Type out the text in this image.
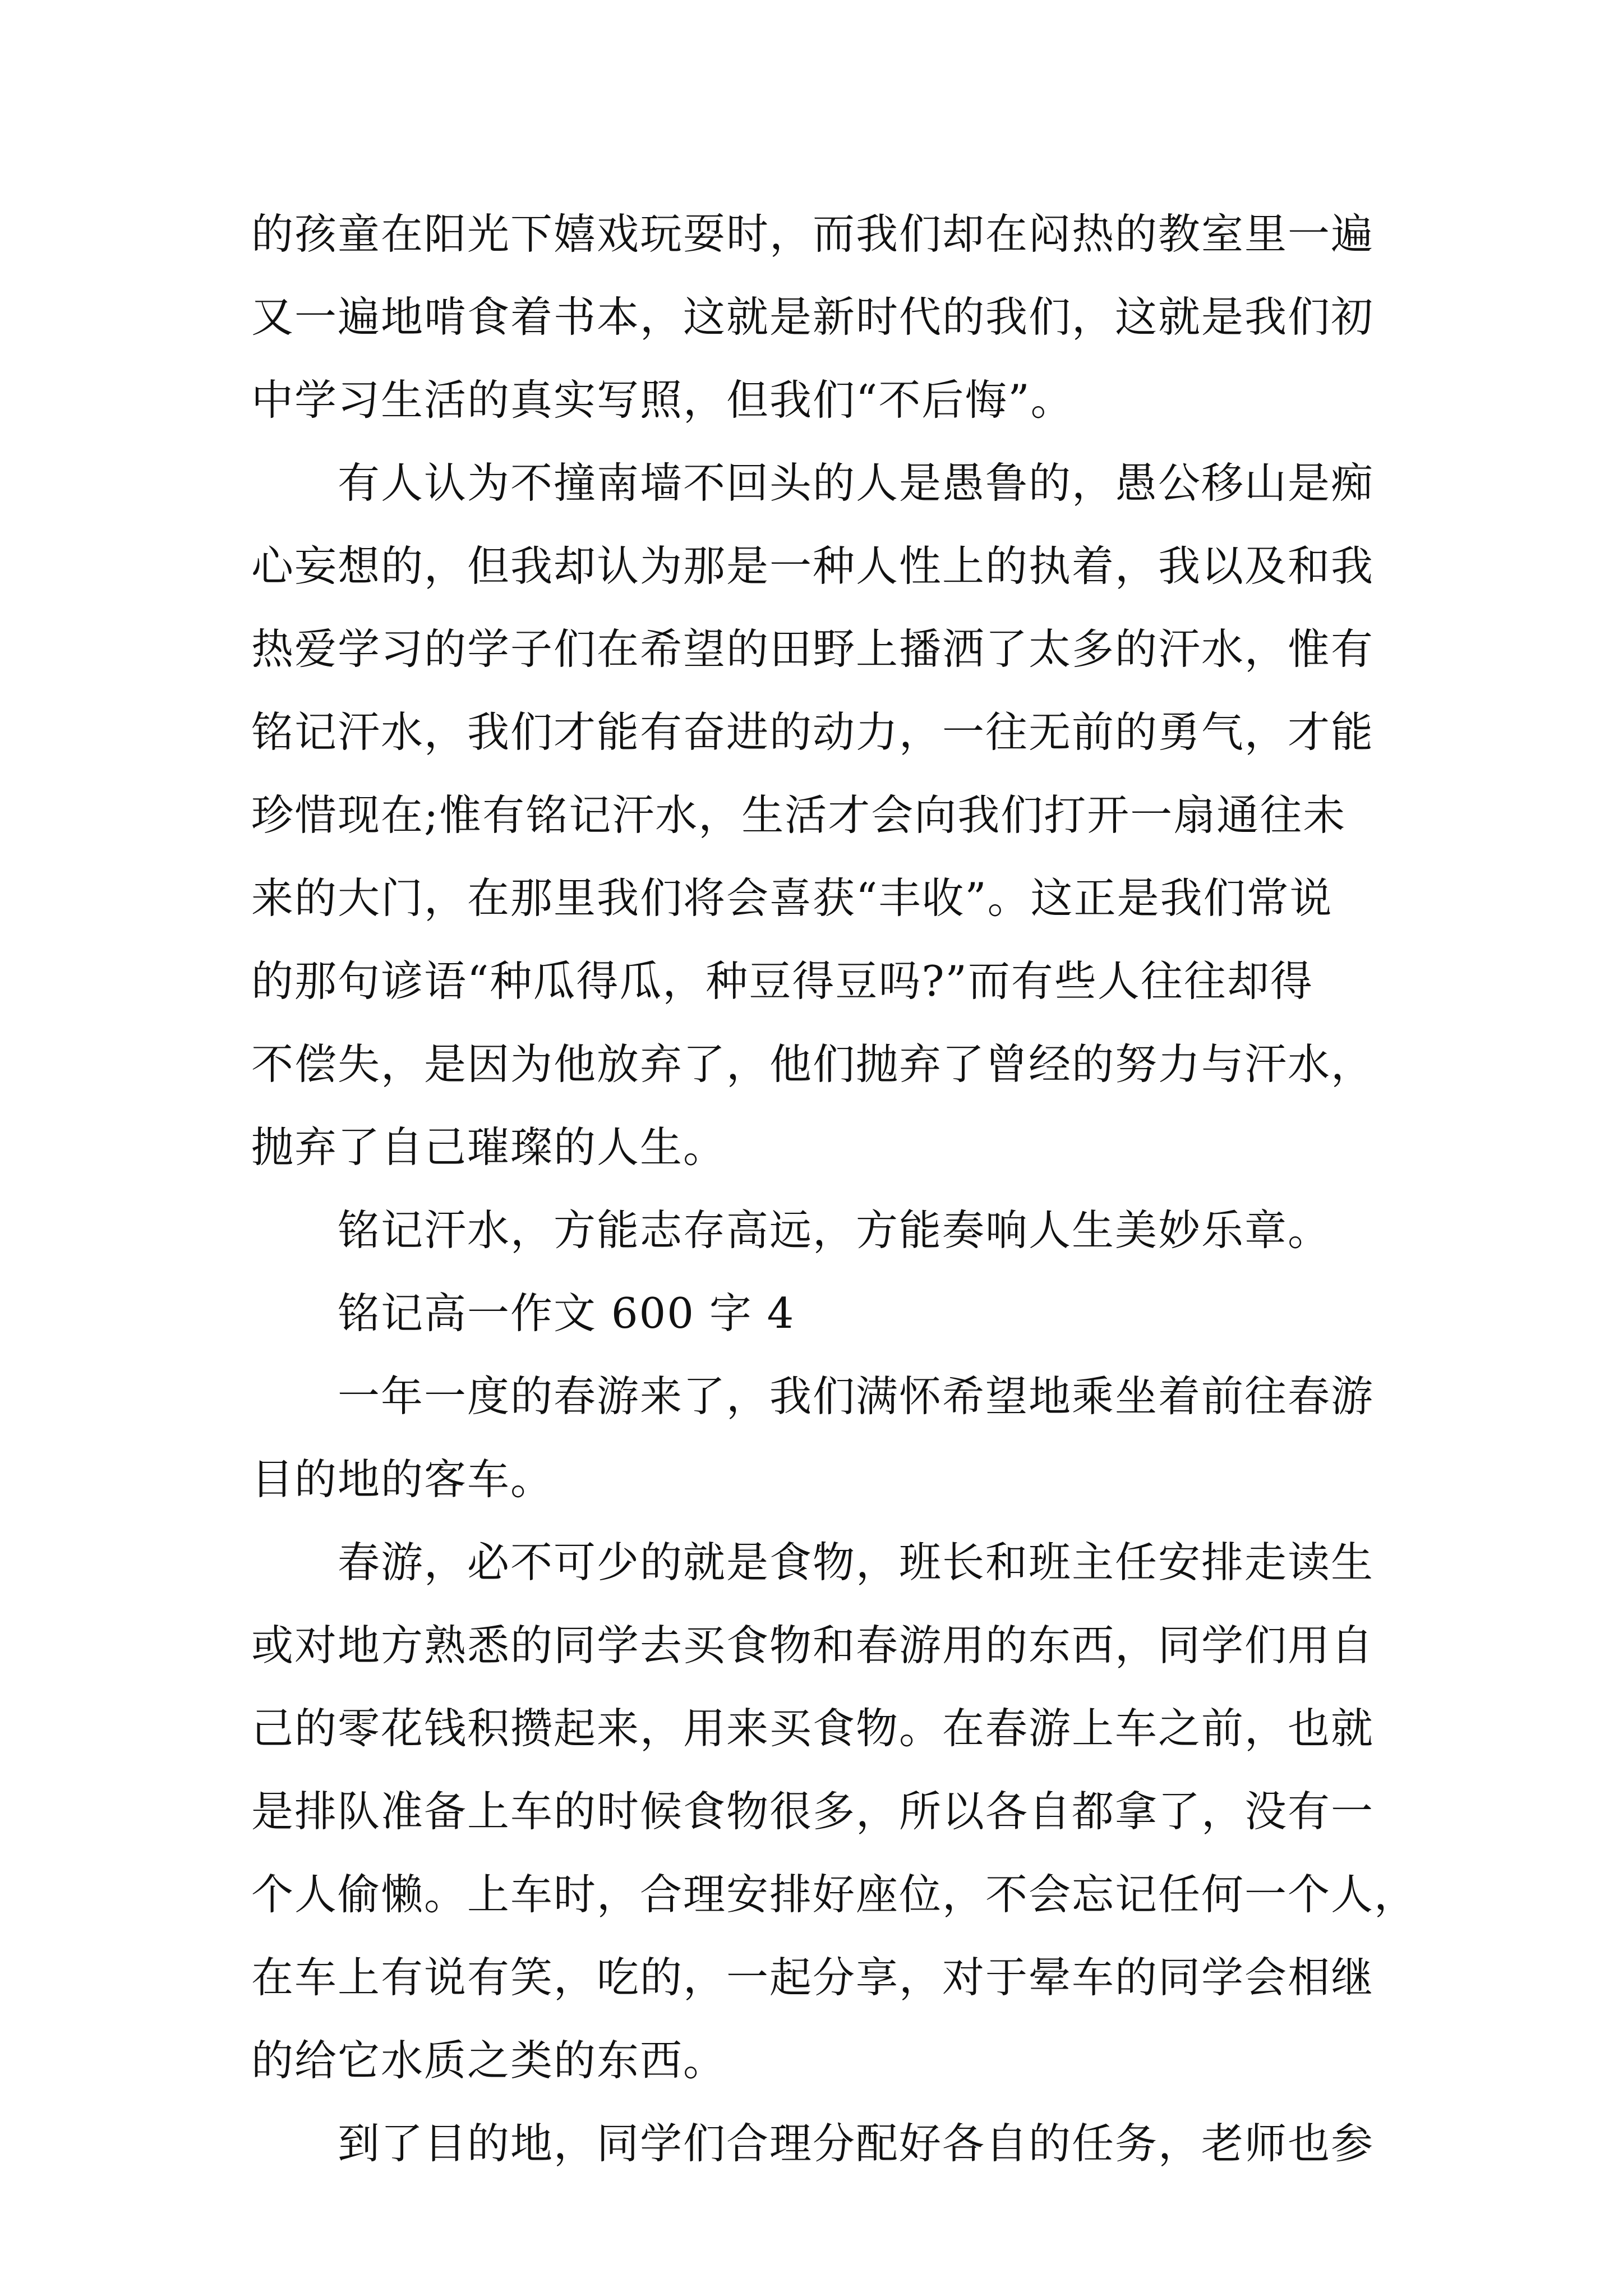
的孩童在阳光下嬉戏玩耍时，而我们却在闷热的教室里一遍
又一遍地啃食着书本，这就是新时代的我们，这就是我们初
中学习生活的真实写照，但我们“不后悔”。
有人认为不撞南墙不回头的人是愚鲁的，愚公移山是痴
心妄想的，但我却认为那是一种人性上的执着，我以及和我
热爱学习的学子们在希望的田野上播洒了太多的汗水，惟有
铭记汗水，我们才能有奋进的动力，一往无前的勇气，才能
珍惜现在;惟有铭记汗水，生活才会向我们打开一扇通往未
来的大门，在那里我们将会喜获“丰收”。这正是我们常说
的那句谚语“种瓜得瓜，种豆得豆吗?”而有些人往往却得
不偿失，是因为他放弃了，他们抛弃了曾经的努力与汗水，
抛弃了自己璀璨的人生。
铭记汗水，方能志存高远，方能奏响人生美妙乐章。
铭记高一作文 600 字 4
一年一度的春游来了，我们满怀希望地乘坐着前往春游
目的地的客车。
春游，必不可少的就是食物，班长和班主任安排走读生
或对地方熟悉的同学去买食物和春游用的东西，同学们用自
己的零花钱积攒起来，用来买食物。在春游上车之前，也就
是排队准备上车的时候食物很多，所以各自都拿了，没有一
个人偷懒。上车时，合理安排好座位，不会忘记任何一个人，
在车上有说有笑，吃的，一起分享，对于晕车的同学会相继
的给它水质之类的东西。
到了目的地，同学们合理分配好各自的任务，老师也参
